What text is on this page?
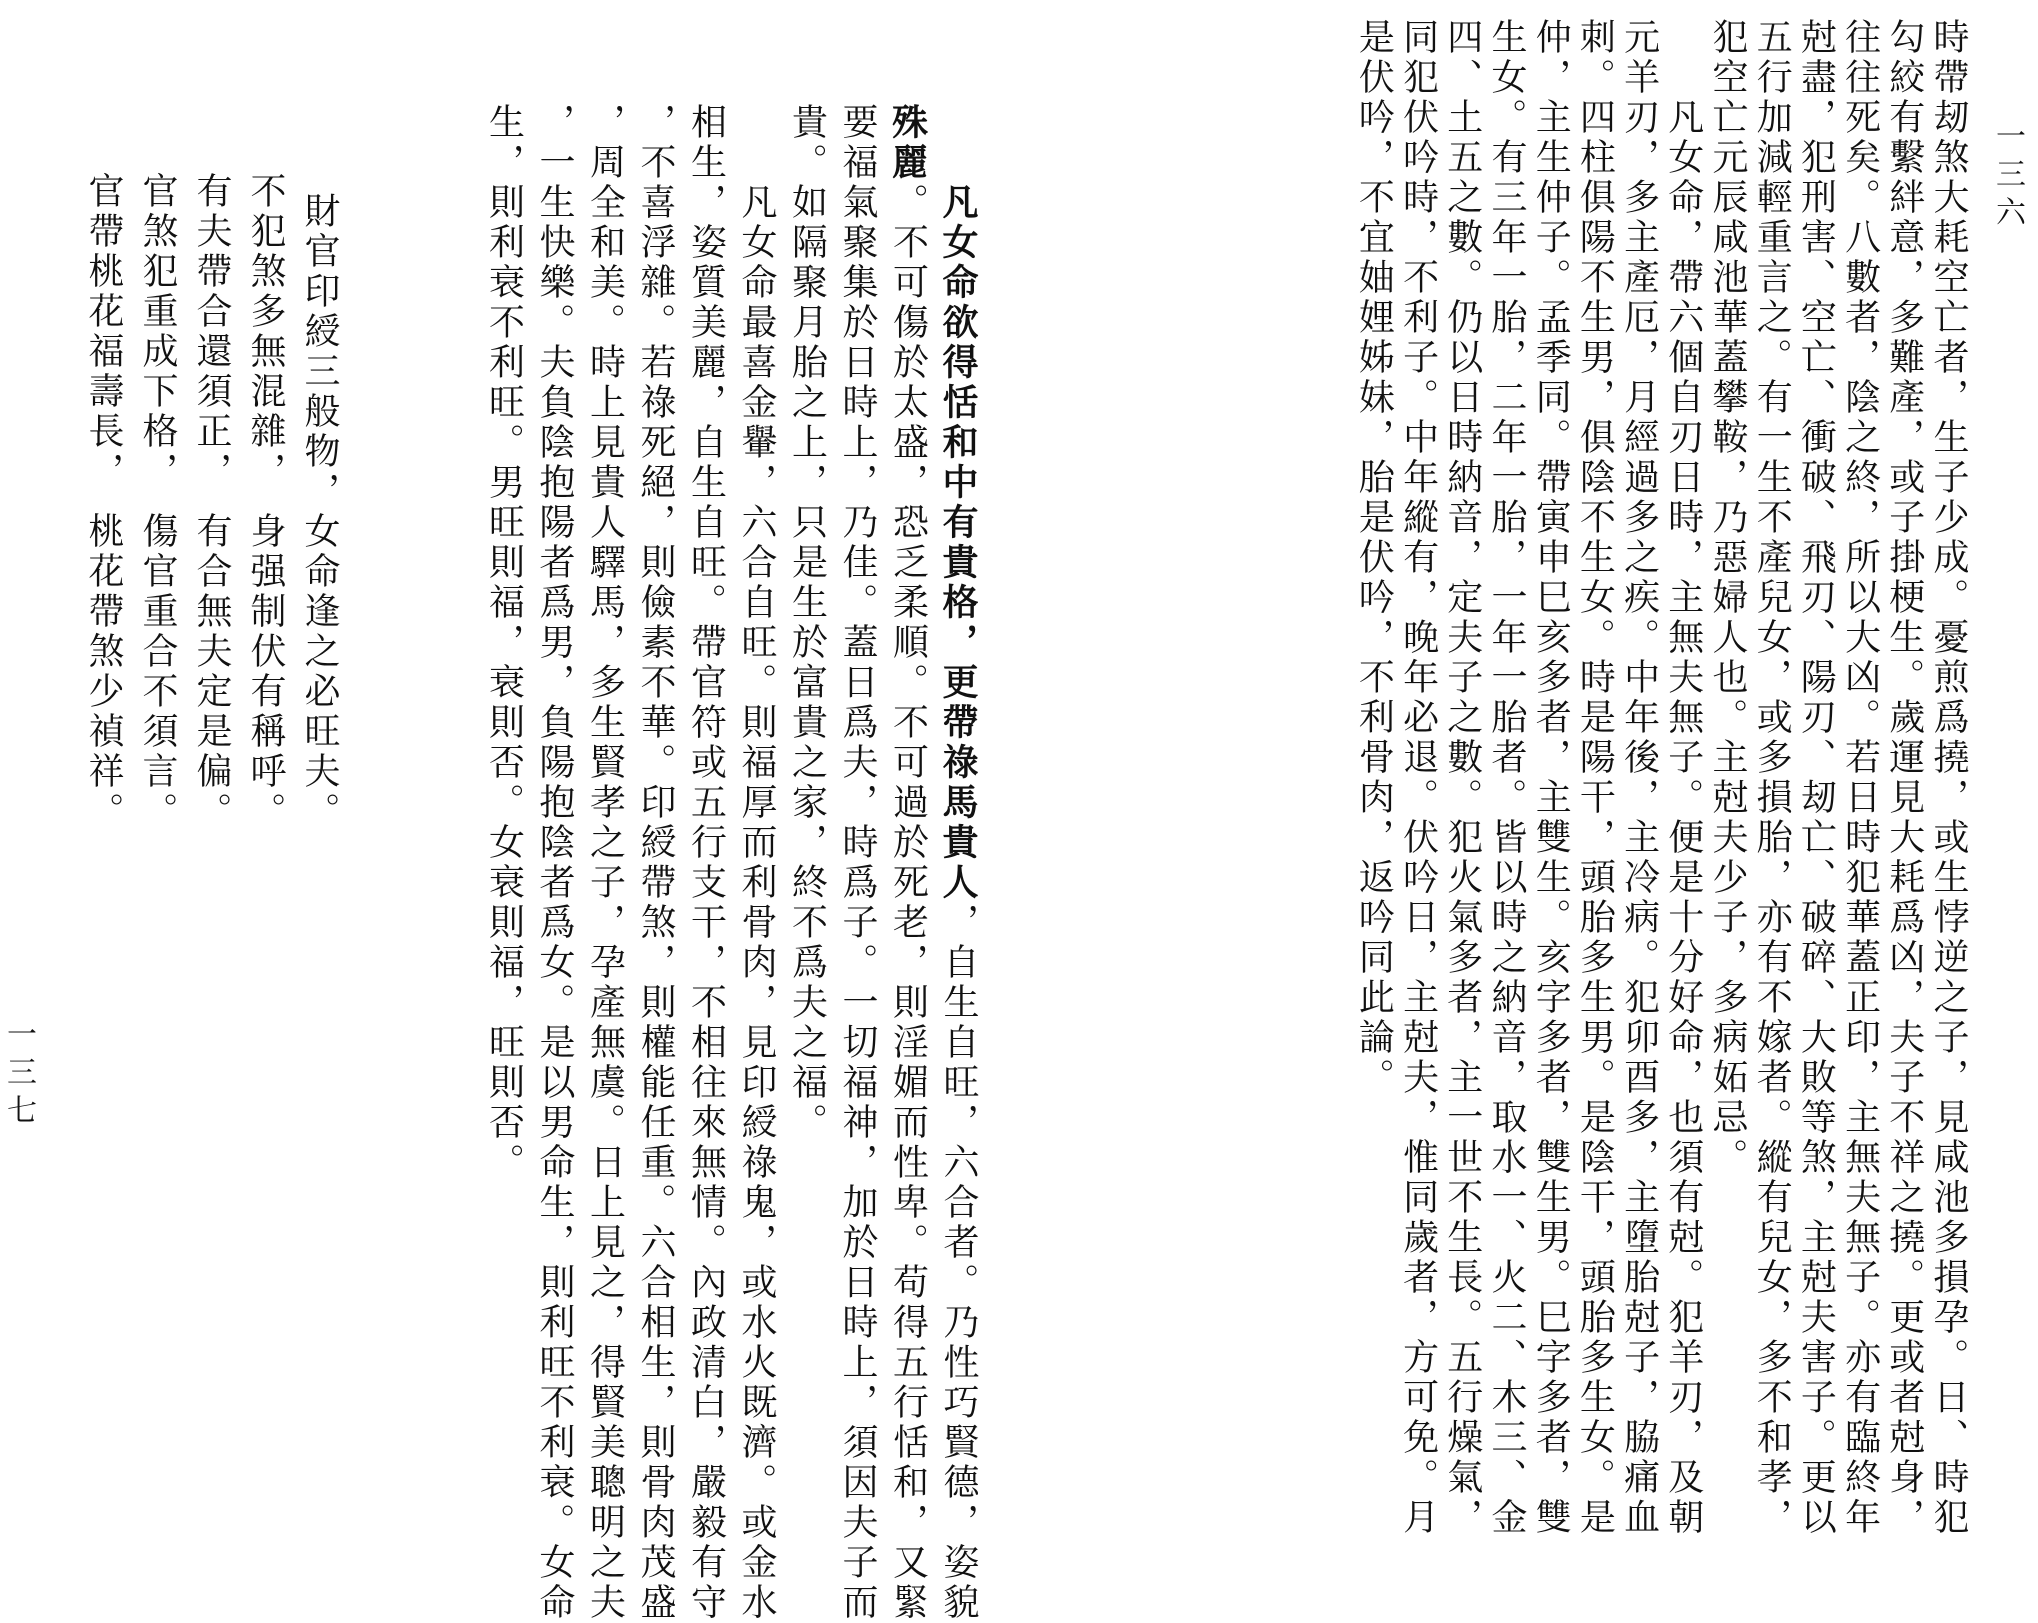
時帶刼煞大耗空亡者，生子少成。憂煎爲撓，或生悖逆之子，見咸池多損孕。日、時犯
勾絞有繫絆意，多難產，或子掛梗生。歲運見大耗爲凶，夫子不祥之撓。更或者尅身，
往往死矣。八數者，陰之終，所以大凶。若日時犯華蓋正印，主無夫無子。亦有臨終年
尅盡，犯刑害、空亡、衝破、飛刃、陽刃、刼亡、破碎、大敗等煞，主尅夫害子。更以
五行加減輕重言之。有一生不產兒女，或多損胎，亦有不嫁者。縱有兒女，多不和孝，
犯空亡元辰咸池華蓋攀鞍，乃惡婦人也。主尅夫少子，多病妬忌。
凡女命，帶六個自刃日時，主無夫無子。便是十分好命，也須有尅。犯羊刃，及朝
元羊刃，多主產厄，月經過多之疾。中年後，主冷病。犯卯酉多，主墮胎尅子，脇痛血
刺。四柱俱陽不生男，俱陰不生女。時是陽干，頭胎多生男。是陰干，頭胎多生女。是
仲，主生仲子。孟季同。帶寅申巳亥多者，主雙生。亥字多者，雙生男。巳字多者，雙
生女。有三年一胎，二年一胎，一年一胎者。皆以時之納音，取水一、火二、木三、金
四、土五之數。仍以日時納音，定夫子之數。犯火氣多者，主一世不生長。五行燥氣，
同犯伏吟時，不利子。中年縱有，晚年必退。伏吟日，主尅夫，惟同歲者，方可免。月
是伏吟，不宜妯娌姊妹，胎是伏吟，不利骨肉，返吟同此論。
凡女命欲得恬和中有貴格，更帶祿馬貴人，自生自旺，六合者。乃性巧賢德，姿貌
殊麗。不可傷於太盛，恐乏柔順。不可過於死老，則淫媚而性卑。苟得五行恬和，又緊
要福氣聚集於日時上，乃佳。蓋日爲夫，時爲子。一切福神，加於日時上，須因夫子而
貴。如隔聚月胎之上，只是生於富貴之家，終不爲夫之福。
凡女命最喜金轝，六合自旺。則福厚而利骨肉，見印綬祿鬼，或水火既濟。或金水
相生，姿質美麗，自生自旺。帶官符或五行支干，不相往來無情。內政清白，嚴毅有守
，不喜浮雜。若祿死絕，則儉素不華。印綬帶煞，則權能任重。六合相生，則骨肉茂盛
，周全和美。時上見貴人驛馬，多生賢孝之子，孕產無虞。日上見之，得賢美聰明之夫
，一生快樂。夫負陰抱陽者爲男，負陽抱陰者爲女。是以男命生，則利旺不利衰。女命
生，則利衰不利旺。男旺則福，衰則否。女衰則福，旺則否。
財官印綬三般物，
女命逢之必旺夫。
不犯煞多無混雜，
身强制伏有稱呼。
有夫帶合還須正，
有合無夫定是偏。
官煞犯重成下格，
傷官重合不須言。
官帶桃花福壽長，
桃花帶煞少禎祥。
一三六
一三七
